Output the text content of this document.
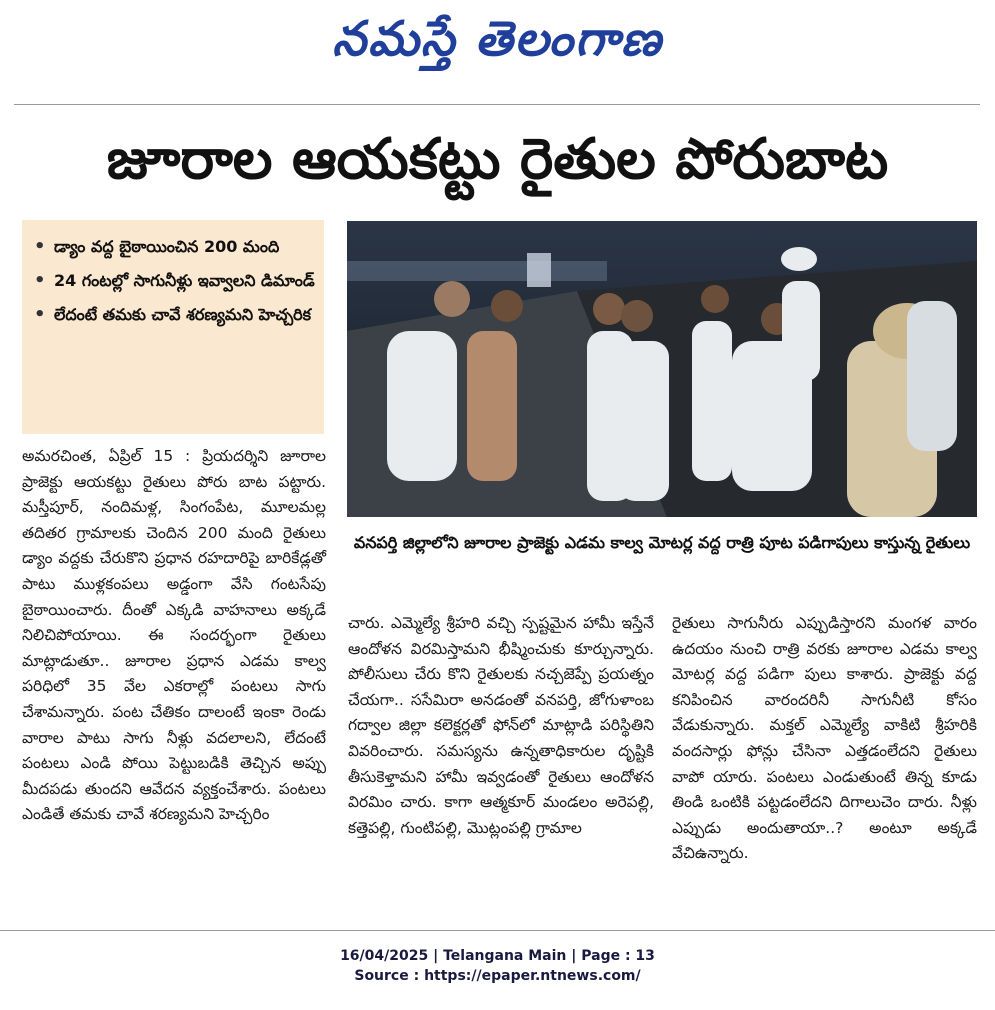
నమస్తే తెలంగాణ
జూరాల ఆయకట్టు రైతుల పోరుబాట
• డ్యాం వద్ద బైఠాయించిన 200 మంది
• 24 గంటల్లో సాగునీళ్లు ఇవ్వాలని డిమాండ్
• లేదంటే తమకు చావే శరణ్యమని హెచ్చరిక
వనపర్తి జిల్లాలోని జూరాల ప్రాజెక్టు ఎడమ కాల్వ మోటర్ల వద్ద రాత్రి పూట పడిగాపులు కాస్తున్న రైతులు

అమరచింత, ఏప్రిల్ 15 : ప్రియదర్శిని జూరాల ప్రాజెక్టు ఆయకట్టు రైతులు పోరు బాట పట్టారు. మస్తీపూర్, నందిమళ్ల, సింగంపేట, మూలమల్ల తదితర గ్రామాలకు చెందిన 200 మంది రైతులు డ్యాం వద్దకు చేరుకొని ప్రధాన రహదారిపై బారికేడ్లతో పాటు ముళ్లకంపలు అడ్డంగా వేసి గంటసేపు బైఠాయించారు. దీంతో ఎక్కడి వాహనాలు అక్కడే నిలిచిపోయాయి. ఈ సందర్భంగా రైతులు మాట్లాడుతూ.. జూరాల ప్రధాన ఎడమ కాల్వ పరిధిలో 35 వేల ఎకరాల్లో పంటలు సాగు చేశామన్నారు. పంట చేతికం దాలంటే ఇంకా రెండు వారాల పాటు సాగు నీళ్లు వదలాలని, లేదంటే పంటలు ఎండి పోయి పెట్టుబడికి తెచ్చిన అప్పు మీదపడు తుందని ఆవేదన వ్యక్తంచేశారు. పంటలు ఎండితే తమకు చావే శరణ్యమని హెచ్చరిం

చారు. ఎమ్మెల్యే శ్రీహరి వచ్చి స్పష్టమైన హామీ ఇస్తేనే ఆందోళన విరమిస్తామని భీష్మించుకు కూర్చున్నారు. పోలీసులు చేరు కొని రైతులకు నచ్చజెప్పే ప్రయత్నం చేయగా.. ససేమిరా అనడంతో వనపర్తి, జోగుళాంబ గద్వాల జిల్లా కలెక్టర్లతో ఫోన్‌లో మాట్లాడి పరిస్థితిని వివరించారు. సమస్యను ఉన్నతాధికారుల దృష్టికి తీసుకెళ్తామని హామీ ఇవ్వడంతో రైతులు ఆందోళన విరమిం చారు. కాగా ఆత్మకూర్ మండలం అరెపల్లి, కత్తెపల్లి, గుంటిపల్లి, మొట్లంపల్లి గ్రామాల

రైతులు సాగునీరు ఎప్పుడిస్తారని మంగళ వారం ఉదయం నుంచి రాత్రి వరకు జూరాల ఎడమ కాల్వ మోటర్ల వద్ద పడిగా పులు కాశారు. ప్రాజెక్టు వద్ద కనిపించిన వారందరినీ సాగునీటి కోసం వేడుకున్నారు. మక్తల్ ఎమ్మెల్యే వాకిటి శ్రీహరికి వందసార్లు ఫోన్లు చేసినా ఎత్తడంలేదని రైతులు వాపో యారు. పంటలు ఎండుతుంటే తిన్న కూడు తిండి ఒంటికి పట్టడంలేదని దిగాలుచెం దారు. నీళ్లు ఎప్పుడు అందుతాయా..? అంటూ అక్కడే వేచిఉన్నారు.

16/04/2025 | Telangana Main | Page : 13
Source : https://epaper.ntnews.com/
